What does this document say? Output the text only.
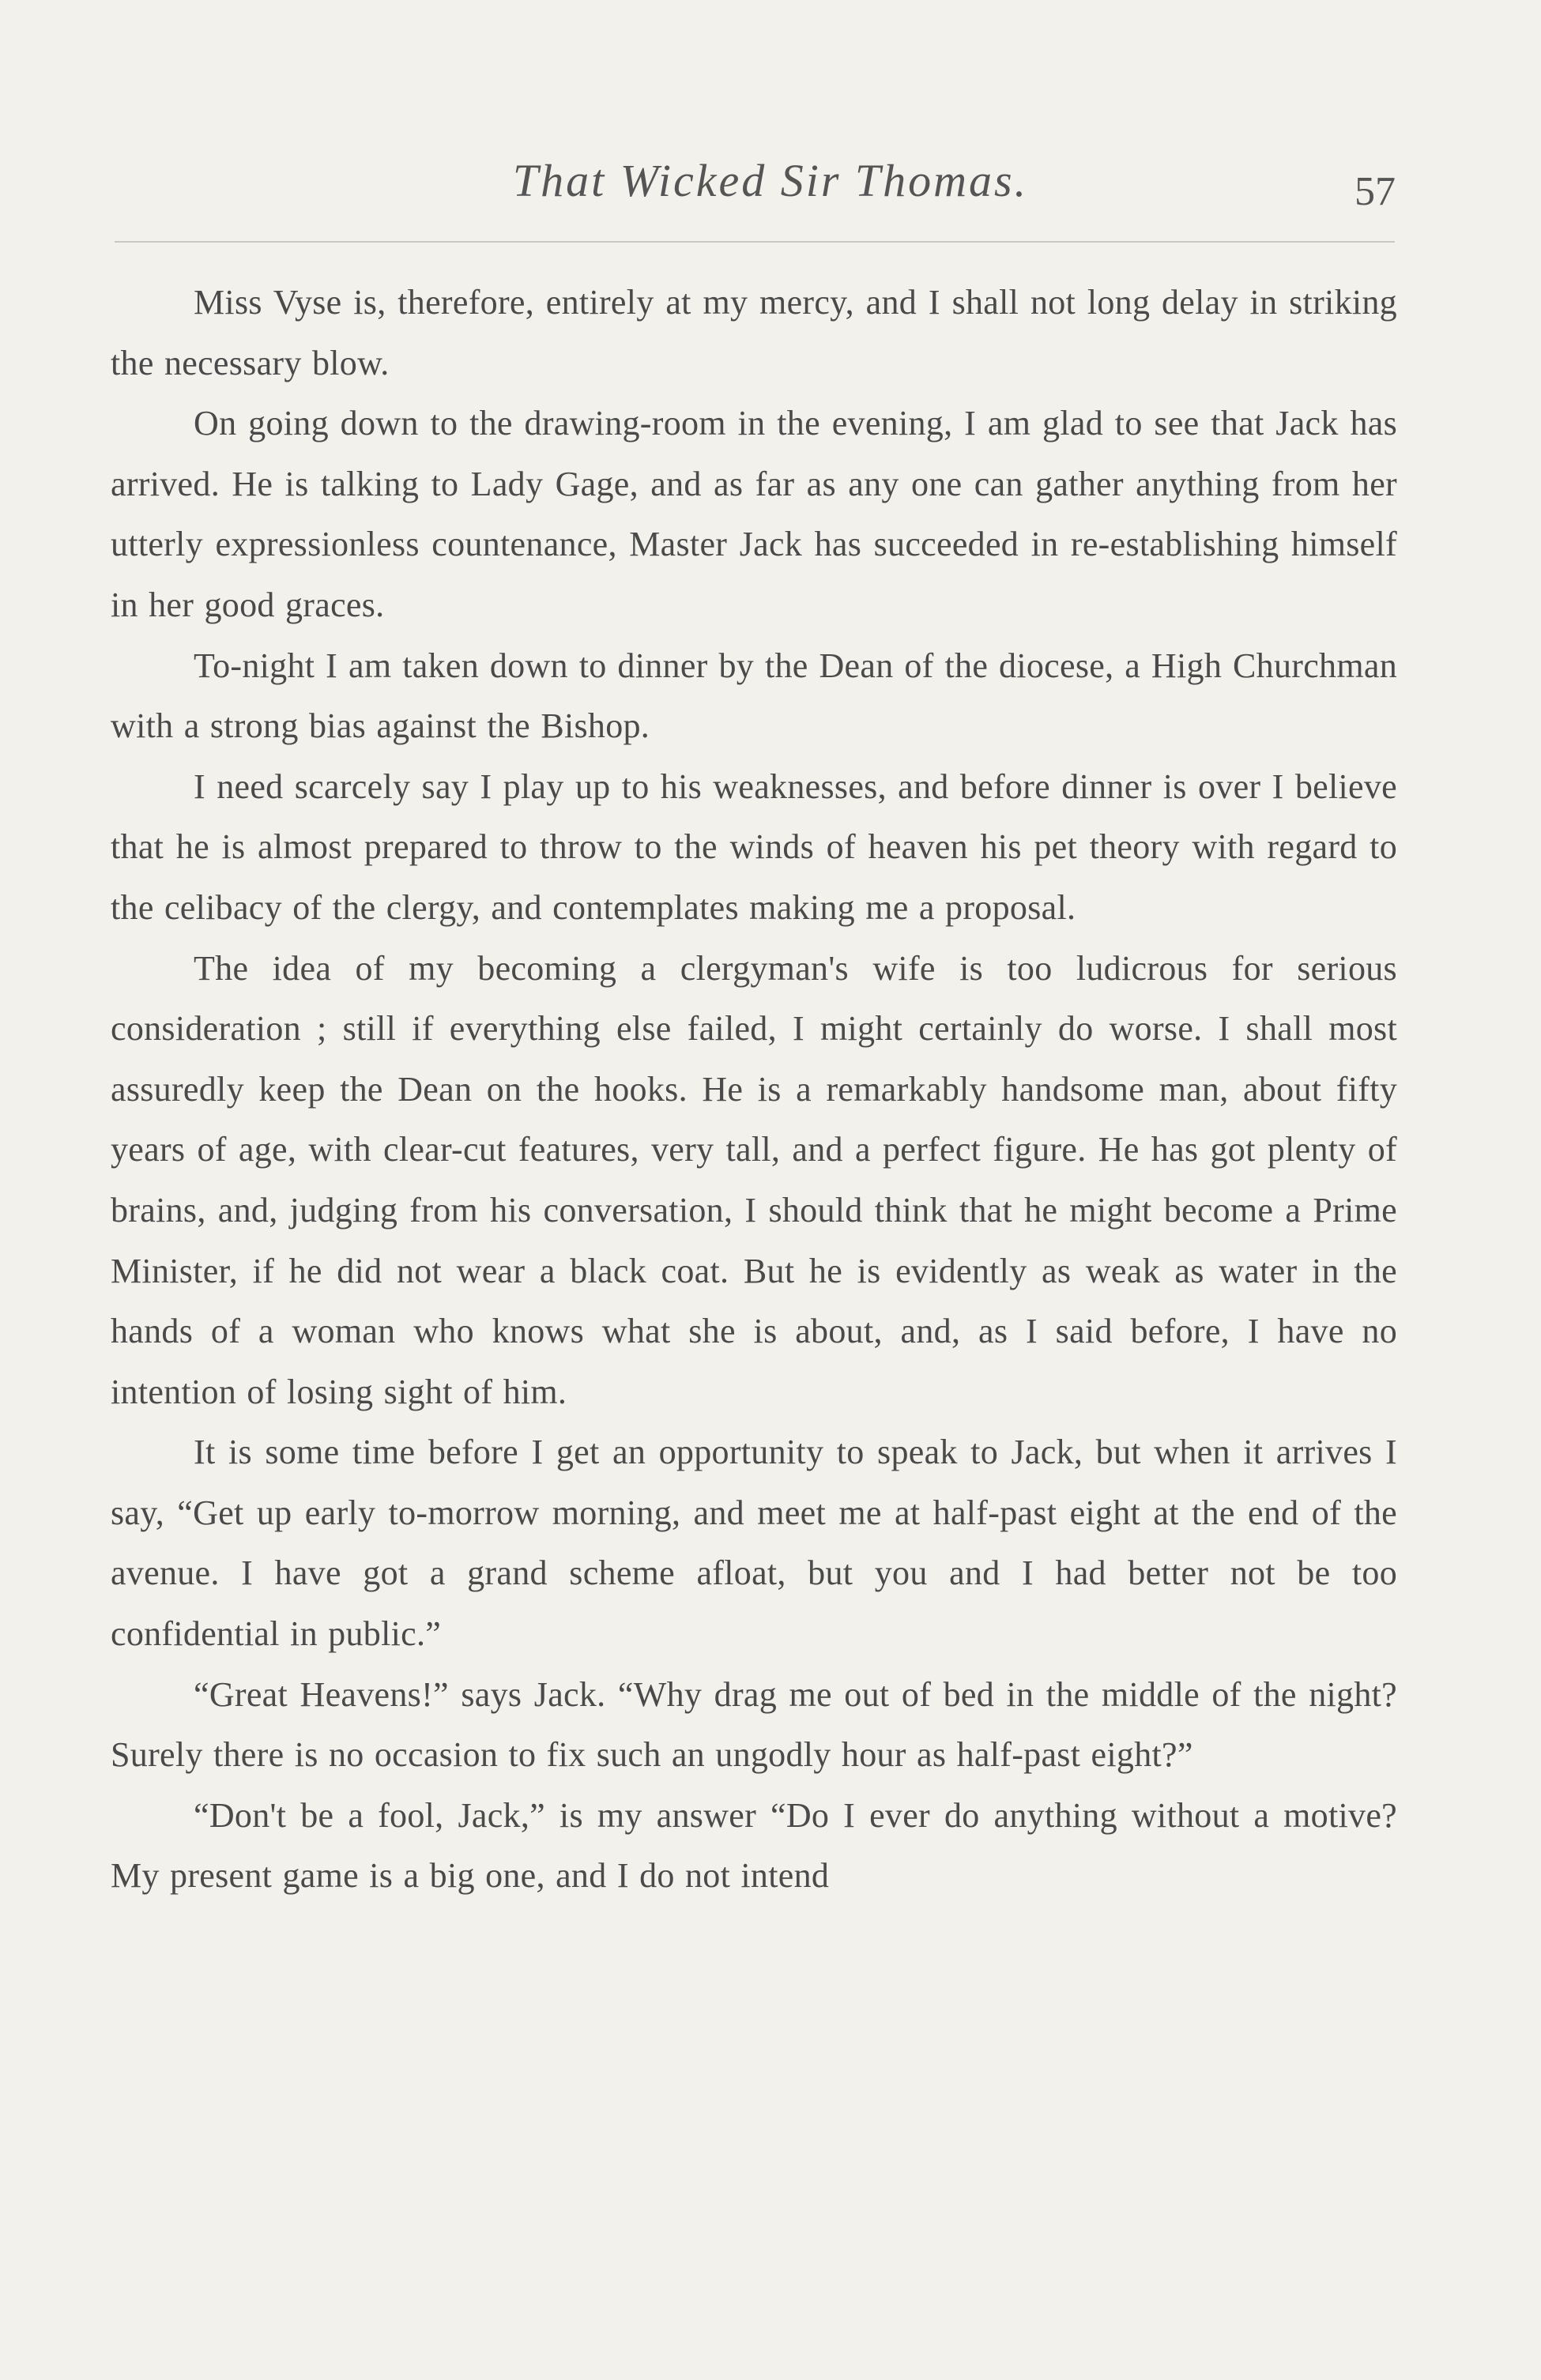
That Wicked Sir Thomas.	57

Miss Vyse is, therefore, entirely at my mercy, and I shall not long delay in striking the necessary blow.

On going down to the drawing-room in the evening, I am glad to see that Jack has arrived. He is talking to Lady Gage, and as far as any one can gather anything from her utterly expressionless countenance, Master Jack has succeeded in re-establishing himself in her good graces.

To-night I am taken down to dinner by the Dean of the diocese, a High Churchman with a strong bias against the Bishop.

I need scarcely say I play up to his weaknesses, and before dinner is over I believe that he is almost prepared to throw to the winds of heaven his pet theory with regard to the celibacy of the clergy, and contemplates making me a proposal.

The idea of my becoming a clergyman's wife is too ludicrous for serious consideration ; still if everything else failed, I might certainly do worse. I shall most assuredly keep the Dean on the hooks. He is a remarkably handsome man, about fifty years of age, with clear-cut features, very tall, and a perfect figure. He has got plenty of brains, and, judging from his conversation, I should think that he might become a Prime Minister, if he did not wear a black coat. But he is evidently as weak as water in the hands of a woman who knows what she is about, and, as I said before, I have no intention of losing sight of him.

It is some time before I get an opportunity to speak to Jack, but when it arrives I say, “Get up early to-morrow morning, and meet me at half-past eight at the end of the avenue. I have got a grand scheme afloat, but you and I had better not be too confidential in public.”

“Great Heavens!” says Jack. “Why drag me out of bed in the middle of the night? Surely there is no occasion to fix such an ungodly hour as half-past eight?”

“Don't be a fool, Jack,” is my answer “Do I ever do anything without a motive? My present game is a big one, and I do not intend
